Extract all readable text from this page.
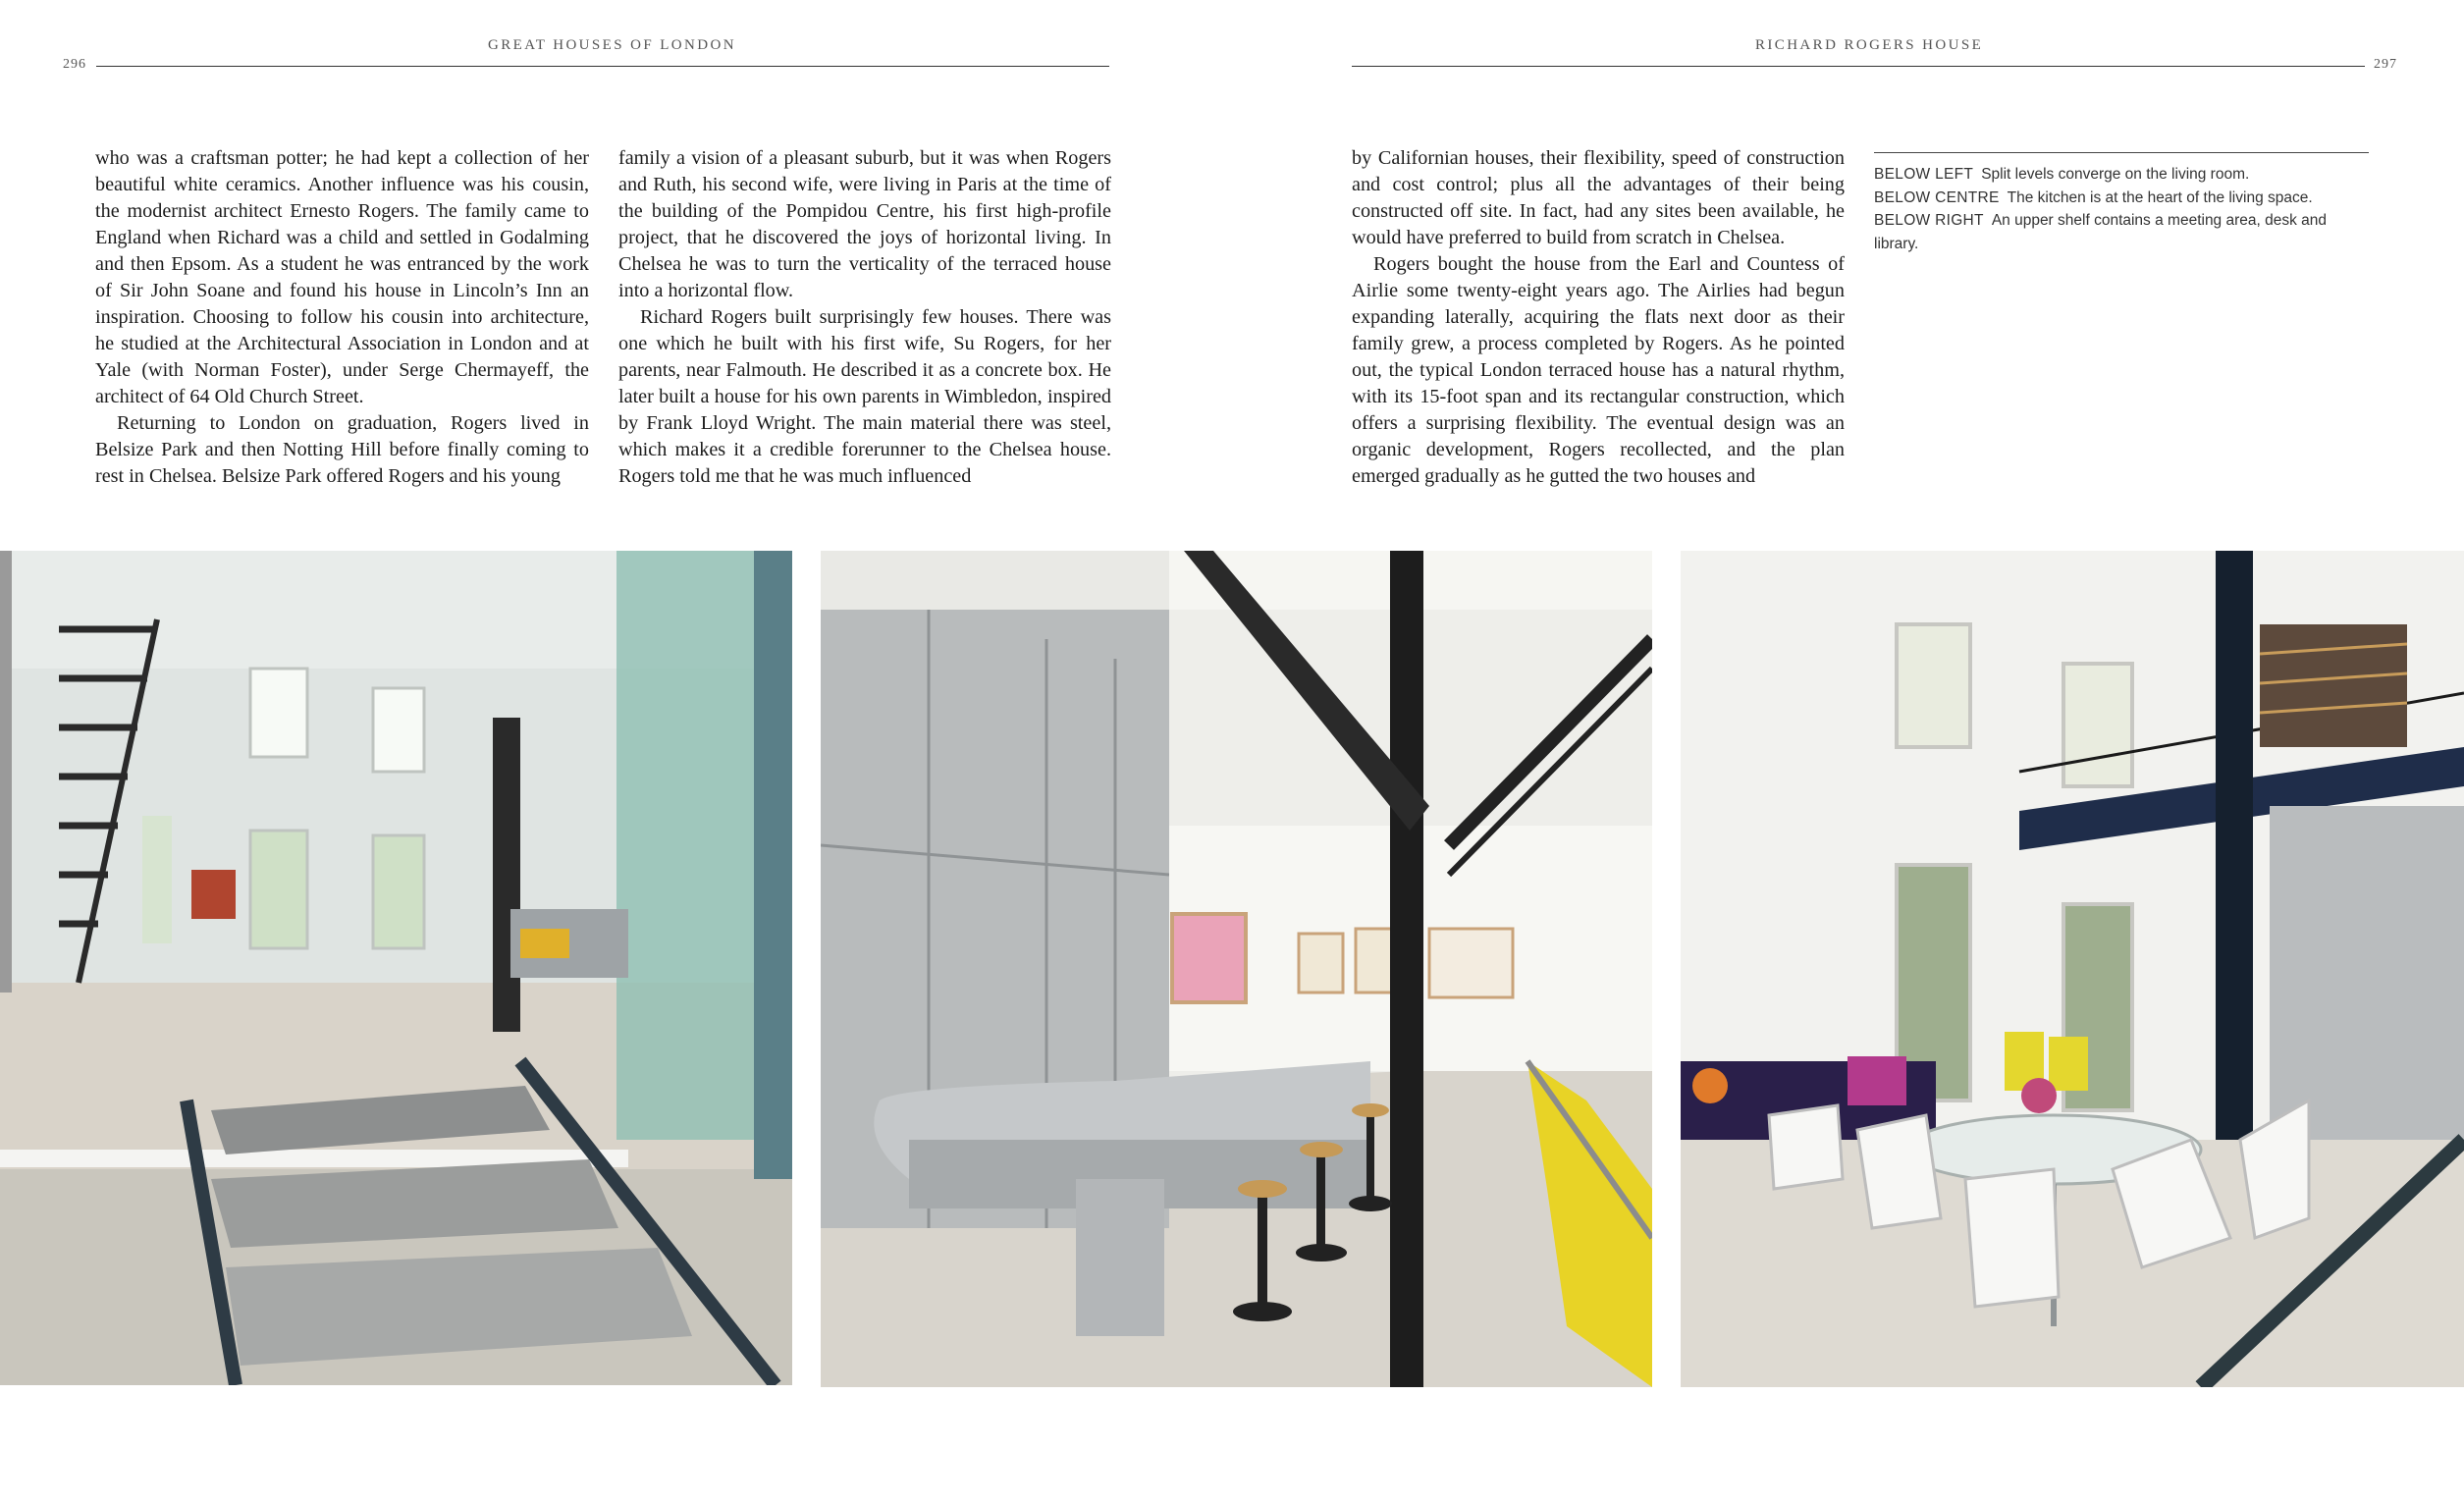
GREAT HOUSES OF LONDON
296
RICHARD ROGERS HOUSE
297

who was a craftsman potter; he had kept a collection of her beautiful white ceramics. Another influence was his cousin, the modernist architect Ernesto Rogers. The family came to England when Richard was a child and settled in Godalming and then Epsom. As a student he was entranced by the work of Sir John Soane and found his house in Lincoln’s Inn an inspiration. Choosing to follow his cousin into architecture, he studied at the Architectural Association in London and at Yale (with Norman Foster), under Serge Chermayeff, the architect of 64 Old Church Street.

Returning to London on graduation, Rogers lived in Belsize Park and then Notting Hill before finally coming to rest in Chelsea. Belsize Park offered Rogers and his young

family a vision of a pleasant suburb, but it was when Rogers and Ruth, his second wife, were living in Paris at the time of the building of the Pompidou Centre, his first high-profile project, that he discovered the joys of horizontal living. In Chelsea he was to turn the verticality of the terraced house into a horizontal flow.

Richard Rogers built surprisingly few houses. There was one which he built with his first wife, Su Rogers, for her parents, near Falmouth. He described it as a concrete box. He later built a house for his own parents in Wimbledon, inspired by Frank Lloyd Wright. The main material there was steel, which makes it a credible forerunner to the Chelsea house. Rogers told me that he was much influenced

by Californian houses, their flexibility, speed of construction and cost control; plus all the advantages of their being constructed off site. In fact, had any sites been available, he would have preferred to build from scratch in Chelsea.

Rogers bought the house from the Earl and Countess of Airlie some twenty-eight years ago. The Airlies had begun expanding laterally, acquiring the flats next door as their family grew, a process completed by Rogers. As he pointed out, the typical London terraced house has a natural rhythm, with its 15-foot span and its rectangular construction, which offers a surprising flexibility. The eventual design was an organic development, Rogers recollected, and the plan emerged gradually as he gutted the two houses and

BELOW LEFT Split levels converge on the living room.
BELOW CENTRE The kitchen is at the heart of the living space.
BELOW RIGHT An upper shelf contains a meeting area, desk and library.
